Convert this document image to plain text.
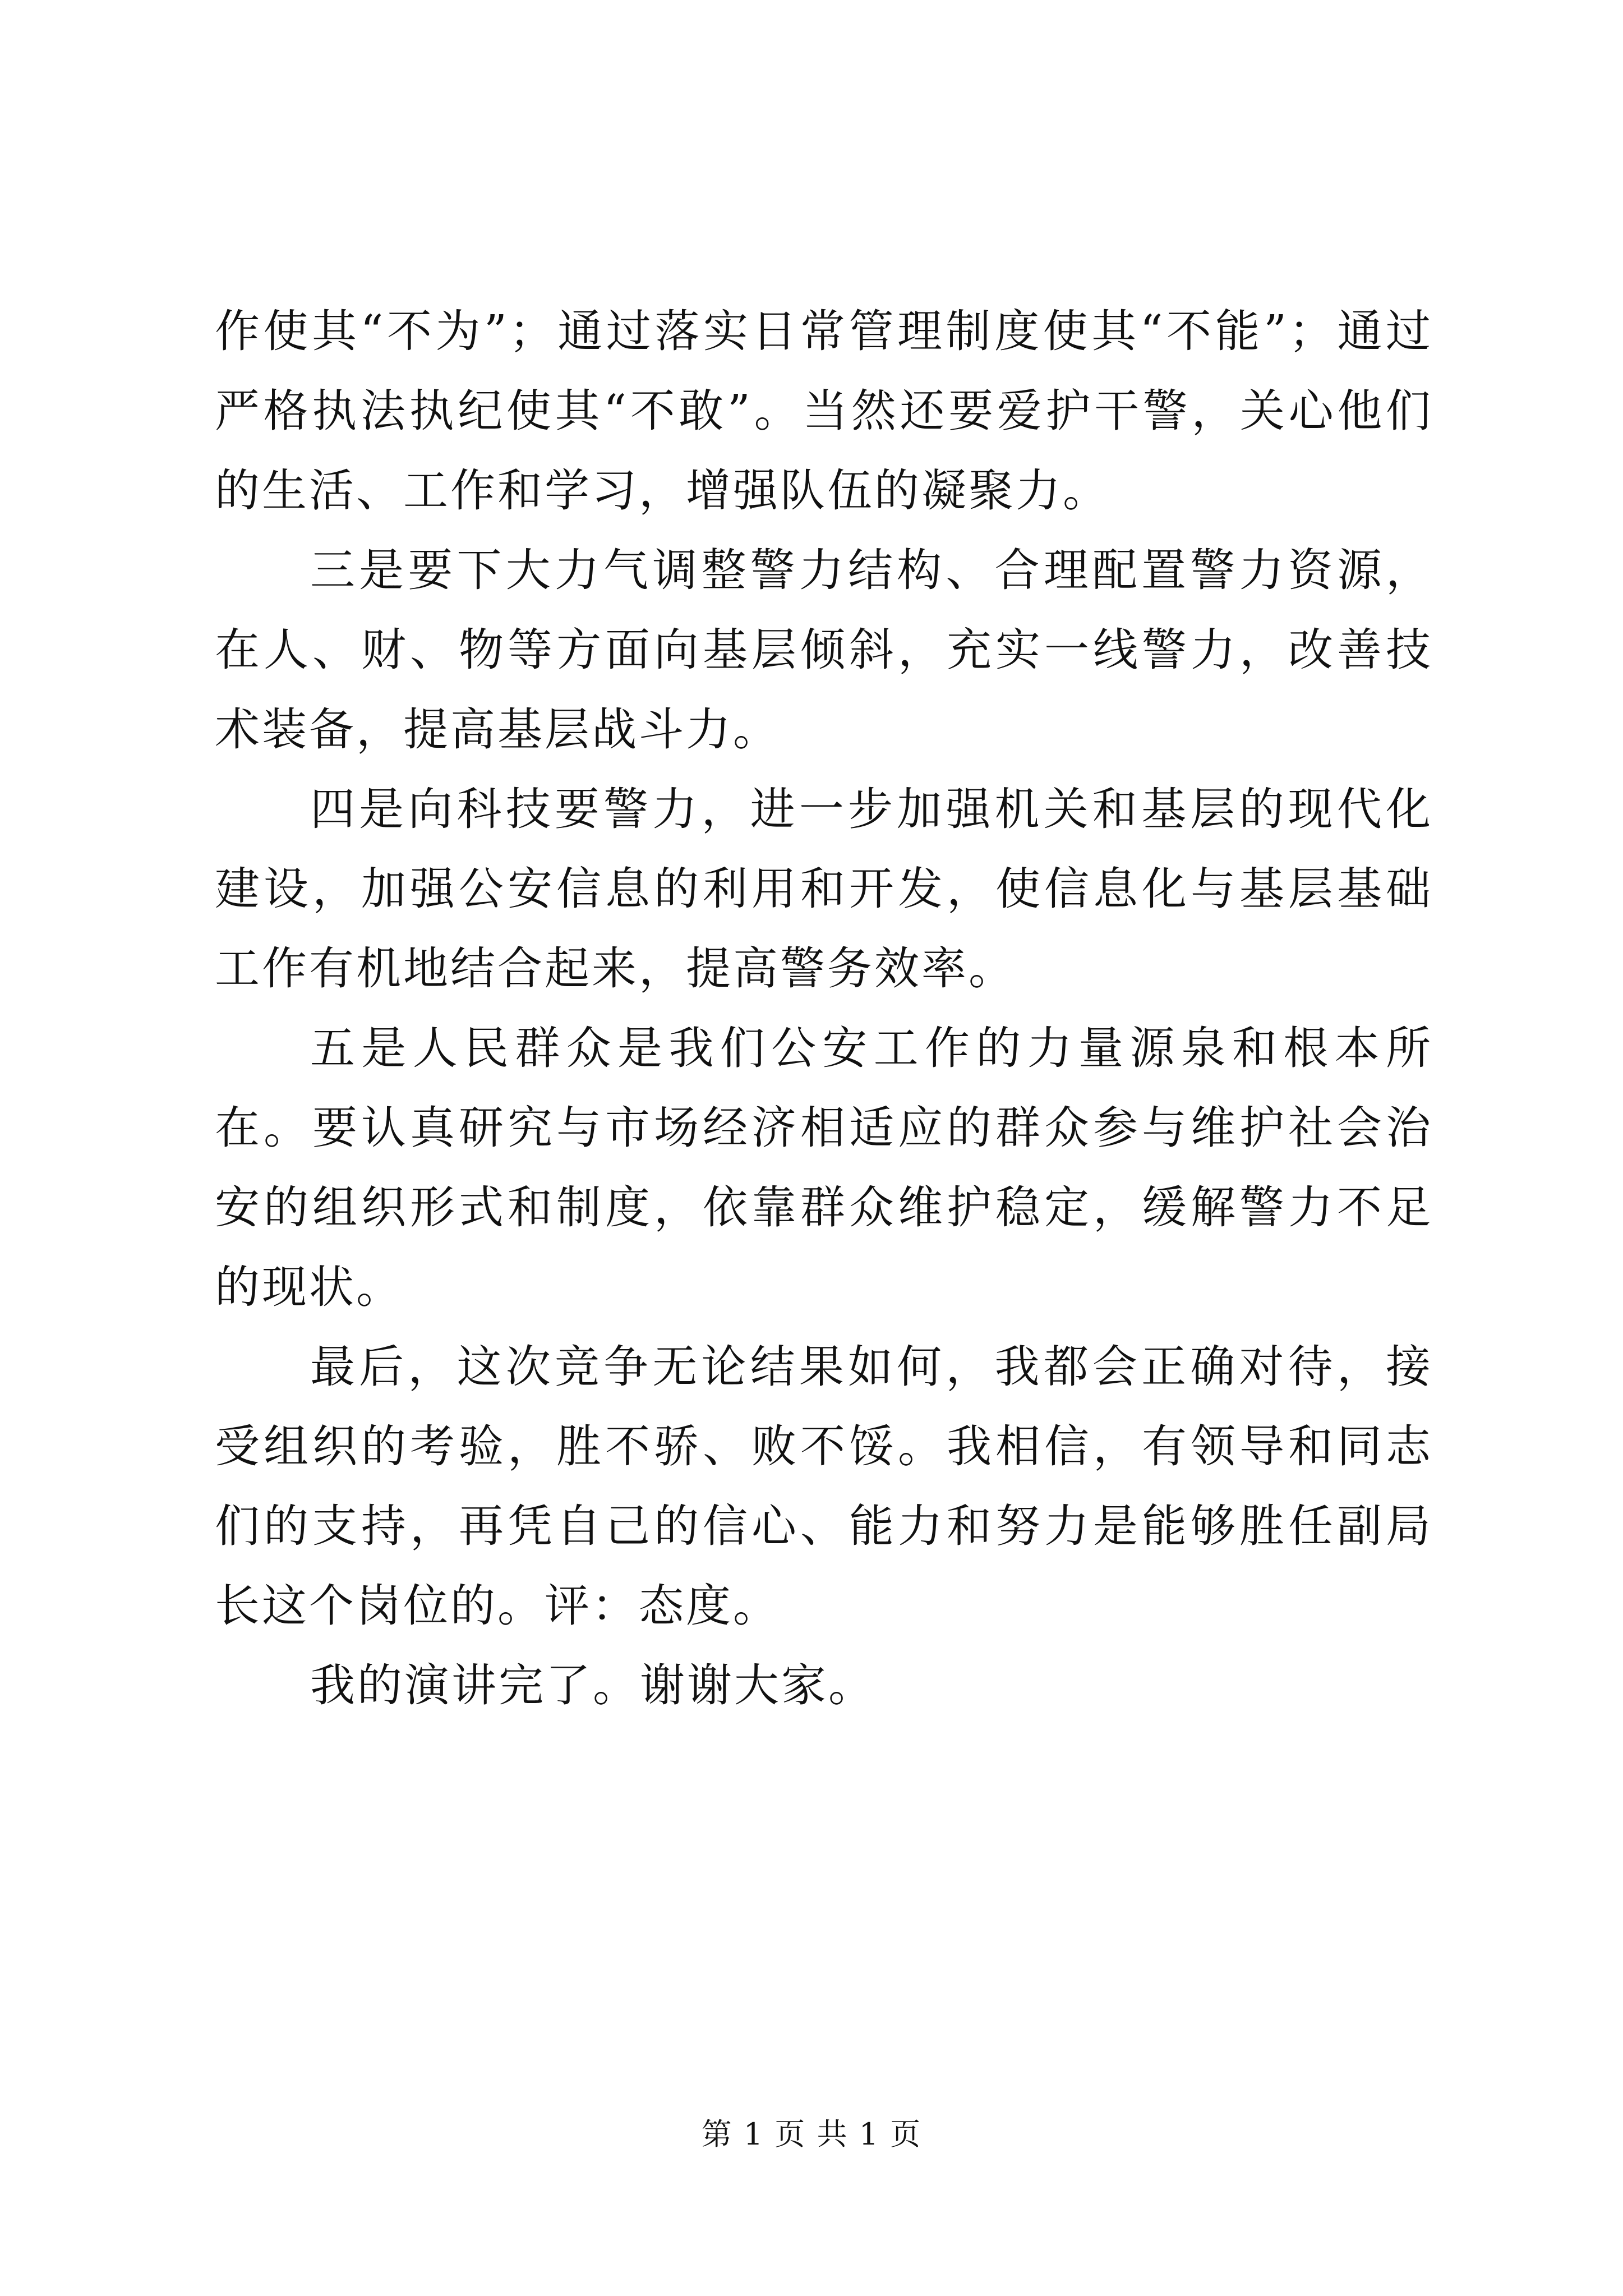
作使其“不为”；通过落实日常管理制度使其“不能”；通过严格执法执纪使其“不敢”。当然还要爱护干警，关心他们的生活、工作和学习，增强队伍的凝聚力。

三是要下大力气调整警力结构、合理配置警力资源，在人、财、物等方面向基层倾斜，充实一线警力，改善技术装备，提高基层战斗力。

四是向科技要警力，进一步加强机关和基层的现代化建设，加强公安信息的利用和开发，使信息化与基层基础工作有机地结合起来，提高警务效率。

五是人民群众是我们公安工作的力量源泉和根本所在。要认真研究与市场经济相适应的群众参与维护社会治安的组织形式和制度，依靠群众维护稳定，缓解警力不足的现状。

最后，这次竞争无论结果如何，我都会正确对待，接受组织的考验，胜不骄、败不馁。我相信，有领导和同志们的支持，再凭自己的信心、能力和努力是能够胜任副局长这个岗位的。评：态度。

我的演讲完了。谢谢大家。

第 1 页 共 1 页
